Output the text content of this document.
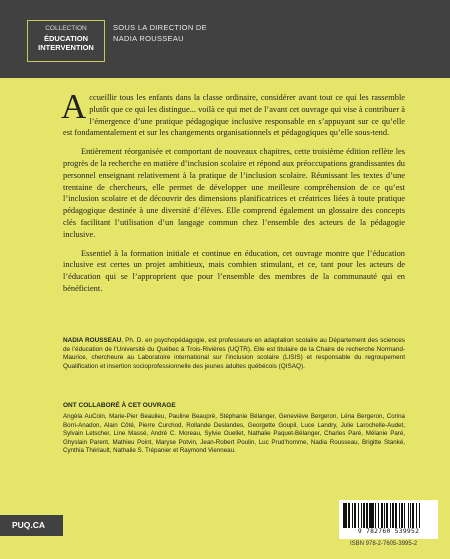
COLLECTION
ÉDUCATION
INTERVENTION
SOUS LA DIRECTION DE
NADIA ROUSSEAU

Accueillir tous les enfants dans la classe ordinaire, considérer avant tout ce qui les rassemble plutôt que ce qui les distingue... voilà ce qui met de l’avant cet ouvrage qui vise à contribuer à l’émergence d’une pratique pédagogique inclusive responsable en s’appuyant sur ce qu’elle est fondamentalement et sur les changements organisationnels et pédagogiques qu’elle sous-tend.

Entièrement réorganisée et comportant de nouveaux chapitres, cette troisième édition reflète les progrès de la recherche en matière d’inclusion scolaire et répond aux préoccupations grandissantes du personnel enseignant relativement à la pratique de l’inclusion scolaire. Réunissant les textes d’une trentaine de chercheurs, elle permet de développer une meilleure compréhension de ce qu’est l’inclusion scolaire et de découvrir des dimensions planificatrices et créatrices liées à toute pratique pédagogique destinée à une diversité d’élèves. Elle comprend également un glossaire des concepts clés facilitant l’utilisation d’un langage commun chez l’ensemble des acteurs de la pédagogie inclusive.

Essentiel à la formation initiale et continue en éducation, cet ouvrage montre que l’éducation inclusive est certes un projet ambitieux, mais combien stimulant, et ce, tant pour les acteurs de l’éducation qui se l’approprient que pour l’ensemble des membres de la communauté qui en bénéficient.

NADIA ROUSSEAU, Ph. D. en psychopédagogie, est professeure en adaptation scolaire au Département des sciences de l’éducation de l’Université du Québec à Trois-Rivières (UQTR). Elle est titulaire de la Chaire de recherche Normand-Maurice, chercheure au Laboratoire international sur l’inclusion scolaire (LISIS) et responsable du regroupement Qualification et insertion socioprofessionnelle des jeunes adultes québécois (QISAQ).

ONT COLLABORÉ À CET OUVRAGE

Angèla AuCoin, Marie-Pier Beaulieu, Pauline Beaupré, Stéphanie Bélanger, Geneviève Bergeron, Léna Bergeron, Corina Borri-Anadon, Alain Côté, Pierre Curchod, Rollande Deslandes, Georgette Goupil, Luce Landry, Julie Larochelle-Audet, Sylvain Letscher, Line Massé, André C. Moreau, Sylvie Ouellet, Nathalie Paquet-Bélanger, Charles Paré, Mélanie Paré, Ghyslain Parent, Mathieu Point, Maryse Potvin, Jean-Robert Poulin, Luc Prud’homme, Nadia Rousseau, Brigitte Stanké, Cynthia Thériault, Nathalie S. Trépanier et Raymond Vienneau.

9 782760 539952
ISBN 978-2-7605-3995-2
PUQ.CA
